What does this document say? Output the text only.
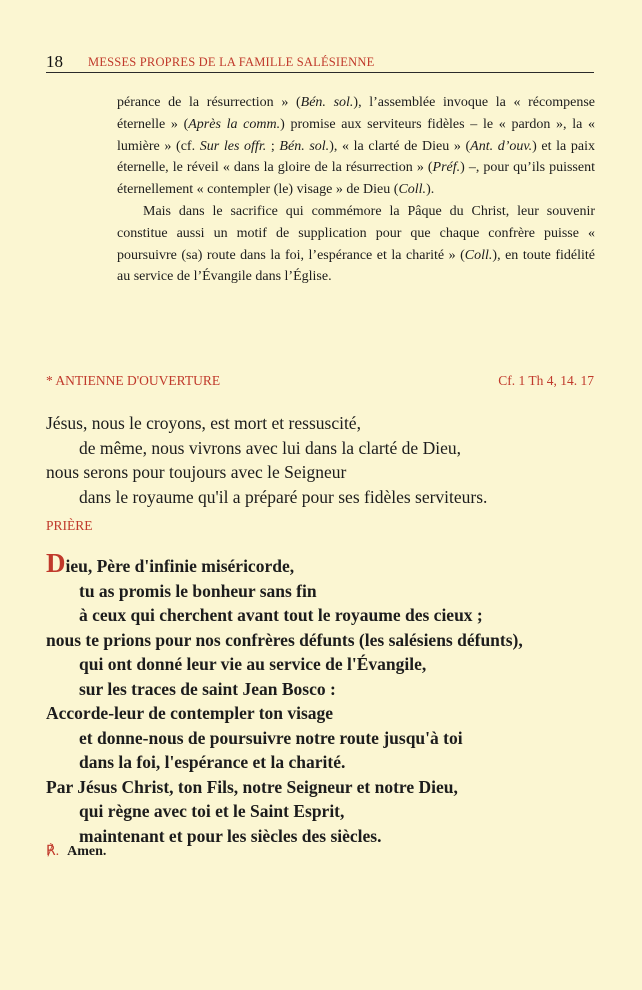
18 MESSES PROPRES DE LA FAMILLE SALÉSIENNE

pérance de la résurrection » (Bén. sol.), l’assemblée invoque la « récompense éternelle » (Après la comm.) promise aux serviteurs fidèles – le « pardon », la « lumière » (cf. Sur les offr. ; Bén. sol.), « la clarté de Dieu » (Ant. d’ouv.) et la paix éternelle, le réveil « dans la gloire de la résurrection » (Préf.) –, pour qu’ils puissent éternellement « contempler (le) visage » de Dieu (Coll.).

Mais dans le sacrifice qui commémore la Pâque du Christ, leur souvenir constitue aussi un motif de supplication pour que chaque confrère puisse « poursuivre (sa) route dans la foi, l’espérance et la charité » (Coll.), en toute fidélité au service de l’Évangile dans l’Église.

* ANTIENNE D'OUVERTURE	Cf. 1 Th 4, 14. 17
Jésus, nous le croyons, est mort et ressuscité,
de même, nous vivrons avec lui dans la clarté de Dieu,
nous serons pour toujours avec le Seigneur
dans le royaume qu'il a préparé pour ses fidèles serviteurs.
PRIÈRE
Dieu, Père d'infinie miséricorde,
tu as promis le bonheur sans fin
à ceux qui cherchent avant tout le royaume des cieux ;
nous te prions pour nos confrères défunts (les salésiens défunts),
qui ont donné leur vie au service de l'Évangile,
sur les traces de saint Jean Bosco :
Accorde-leur de contempler ton visage
et donne-nous de poursuivre notre route jusqu'à toi
dans la foi, l'espérance et la charité.
Par Jésus Christ, ton Fils, notre Seigneur et notre Dieu,
qui règne avec toi et le Saint Esprit,
maintenant et pour les siècles des siècles.
℟. Amen.
